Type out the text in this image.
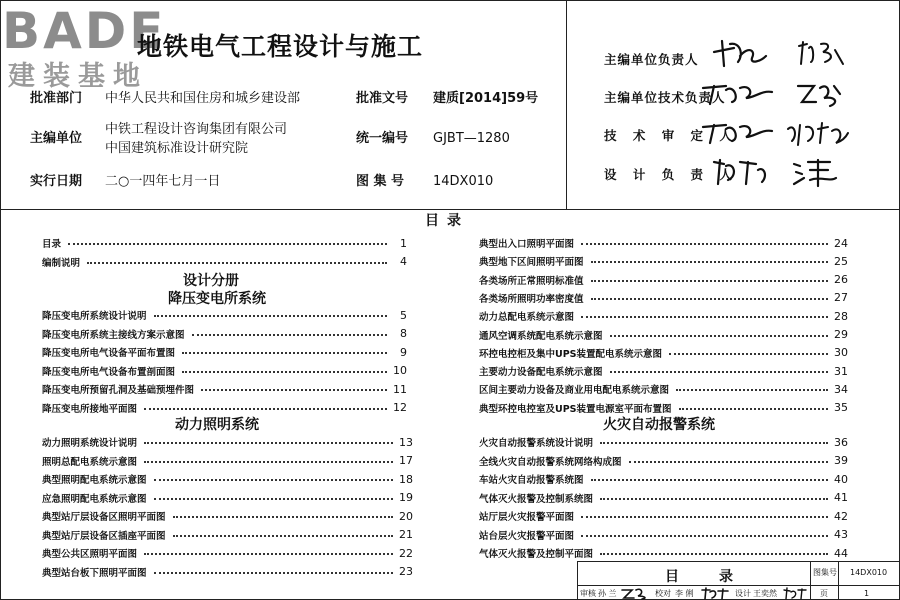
BADE
建装基地
地铁电气工程设计与施工
批准部门 中华人民共和国住房和城乡建设部	批准文号 建质[2014]59号
主编单位
中铁工程设计咨询集团有限公司
中国建筑标准设计研究院
统一编号 GJBT—1280
实行日期 二○一四年七月一日	图 集 号 14DX010
主编单位负责人
主编单位技术负责人
技 术 审 定 人
设 计 负 责 人
目录
设计分册
降压变电所系统
动力照明系统	火灾自动报警系统
目录	1
编制说明	4
降压变电所系统设计说明	5
降压变电所系统主接线方案示意图	8
降压变电所电气设备平面布置图	9
降压变电所电气设备布置剖面图	10
降压变电所预留孔洞及基础预埋件图	11
降压变电所接地平面图	12
动力照明系统设计说明	13
照明总配电系统示意图	17
典型照明配电系统示意图	18
应急照明配电系统示意图	19
典型站厅层设备区照明平面图	20
典型站厅层设备区插座平面图	21
典型公共区照明平面图	22
典型站台板下照明平面图	23
典型出入口照明平面图	24
典型地下区间照明平面图	25
各类场所正常照明标准值	26
各类场所照明功率密度值	27
动力总配电系统示意图	28
通风空调系统配电系统示意图	29
环控电控柜及集中UPS装置配电系统示意图	30
主要动力设备配电系统示意图	31
区间主要动力设备及商业用电配电系统示意图	34
典型环控电控室及UPS装置电源室平面布置图	35
火灾自动报警系统设计说明	36
全线火灾自动报警系统网络构成图	39
车站火灾自动报警系统图	40
气体灭火报警及控制系统图	41
站厅层火灾报警平面图	42
站台层火灾报警平面图	43
气体灭火报警及控制平面图	44
目　　录	图集号 14DX010
审核 孙 兰	校对 李 俐	设计 王奕然	页	1
